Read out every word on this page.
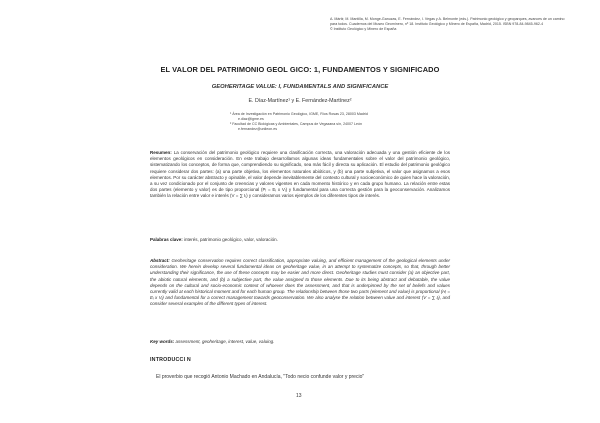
A. Mártir, M. Mantilla, M. Monge-Ganuzas, E. Fernández, I. Vegas y A. Belmonte (eds.). Patrimonio geológico y geoparques, avances de un camino
para todos. Cuadernos del Museo Geominero, nº 18. Instituto Geológico y Minero de España, Madrid, 2015. ISBN 978-84-9845-962-4
© Instituto Geológico y Minero de España
EL VALOR DEL PATRIMONIO GEOL GICO: 1, FUNDAMENTOS Y SIGNIFICADO
GEOHERITAGE VALUE: I, FUNDAMENTALS AND SIGNIFICANCE
E. Díaz-Martínez¹ y E. Fernández-Martínez²
¹ Área de Investigación en Patrimonio Geológico, IGME, Ríos Rosas 23, 28003 Madrid
e.diaz@igme.es
² Facultad de CC Biológicas y Ambientales, Campus de Vegazana s/n, 24007 León
e.fernandez@unileon.es
Resumen: La conservación del patrimonio geológico requiere una clasificación correcta, una valoración adecuada y una gestión eficiente de los elementos geológicos en consideración. En este trabajo desarrollamos algunas ideas fundamentales sobre el valor del patrimonio geológico, sistematizando los conceptos, de forma que, comprendiendo su significado, sea más fácil y directa su aplicación. El estudio del patrimonio geológico requiere considerar dos partes: (a) una parte objetiva, los elementos naturales abióticos, y (b) una parte subjetiva, el valor que asignamos a esos elementos. Por su carácter abstracto y opinable, el valor depende inevitablemente del contexto cultural y socioeconómico de quien hace la valoración, a su vez condicionado por el conjunto de creencias y valores vigentes en cada momento histórico y en cada grupo humano. La relación entre estas dos partes (elemento y valor) es de tipo proporcional (Pᵢ = Eᵢ x Vᵢ) y fundamental para una correcta gestión para la geoconservación. Analizamos también la relación entre valor e interés (V = ∑ Iᵢ) y consideramos varios ejemplos de los diferentes tipos de interés.
Palabras clave: interés, patrimonio geológico, valor, valoración.
Abstract: Geoheritage conservation requires correct classification, appropriate valuing, and efficient management of the geological elements under consideration. We herein develop several fundamental ideas on geoheritage value, in an attempt to systematize concepts, so that, through better understanding their significance, the use of these concepts may be easier and more direct. Geoheritage studies must consider (a) an objective part, the abiotic natural elements, and (b) a subjective part, the value assigned to those elements. Due to its being abstract and debatable, the value depends on the cultural and socio-economic context of whoever does the assessment, and that is underpinned by the set of beliefs and values currently valid at each historical moment and for each human group. The relationship between those two parts (element and value) is proportional (Hᵢ = Eᵢ x Vᵢ) and fundamental for a correct management towards geoconservation. We also analyse the relation between value and interest (V = ∑ Iᵢ), and consider several examples of the different types of interest.
Key words: assessment, geoheritage, interest, value, valuing.
INTRODUCCI N
El proverbio que recogió Antonio Machado en Andalucía, "Todo necio confunde valor y precio"
13
